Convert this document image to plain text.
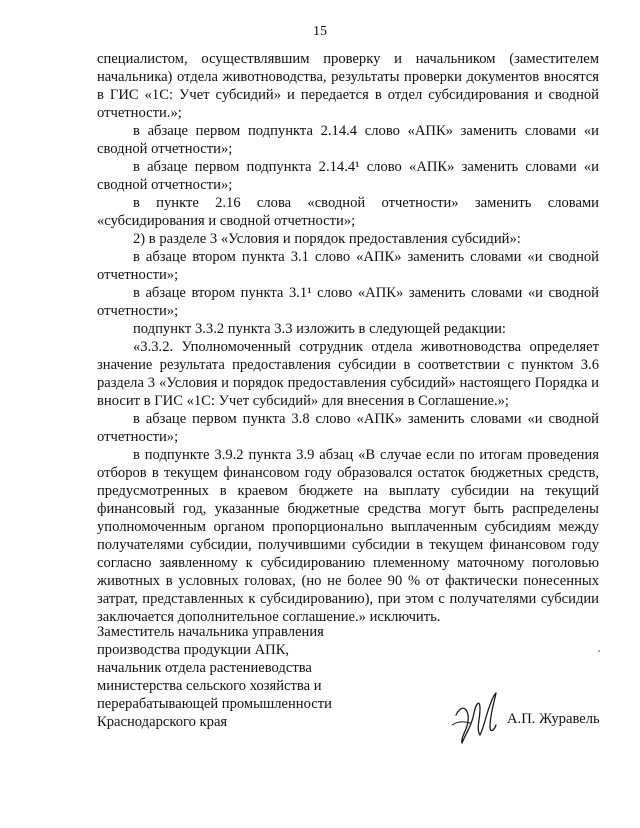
15

специалистом, осуществлявшим проверку и начальником (заместителем начальника) отдела животноводства, результаты проверки документов вносятся в ГИС «1С: Учет субсидий» и передается в отдел субсидирования и сводной отчетности.»;

в абзаце первом подпункта 2.14.4 слово «АПК» заменить словами «и сводной отчетности»;

в абзаце первом подпункта 2.14.4¹ слово «АПК» заменить словами «и сводной отчетности»;

в пункте 2.16 слова «сводной отчетности» заменить словами «субсидирования и сводной отчетности»;

2) в разделе 3 «Условия и порядок предоставления субсидий»:

в абзаце втором пункта 3.1 слово «АПК» заменить словами «и сводной отчетности»;

в абзаце втором пункта 3.1¹ слово «АПК» заменить словами «и сводной отчетности»;

подпункт 3.3.2 пункта 3.3 изложить в следующей редакции:

«3.3.2. Уполномоченный сотрудник отдела животноводства определяет значение результата предоставления субсидии в соответствии с пунктом 3.6 раздела 3 «Условия и порядок предоставления субсидий» настоящего Порядка и вносит в ГИС «1С: Учет субсидий» для внесения в Соглашение.»;

в абзаце первом пункта 3.8 слово «АПК» заменить словами «и сводной отчетности»;

в подпункте 3.9.2 пункта 3.9 абзац «В случае если по итогам проведения отборов в текущем финансовом году образовался остаток бюджетных средств, предусмотренных в краевом бюджете на выплату субсидии на текущий финансовый год, указанные бюджетные средства могут быть распределены уполномоченным органом пропорционально выплаченным субсидиям между получателями субсидии, получившими субсидии в текущем финансовом году согласно заявленному к субсидированию племенному маточному поголовью животных в условных головах, (но не более 90 % от фактически понесенных затрат, представленных к субсидированию), при этом с получателями субсидии заключается дополнительное соглашение.» исключить.

Заместитель начальника управления
производства продукции АПК,
начальник отдела растениеводства
министерства сельского хозяйства и
перерабатывающей промышленности
Краснодарского края	А.П. Журавель
